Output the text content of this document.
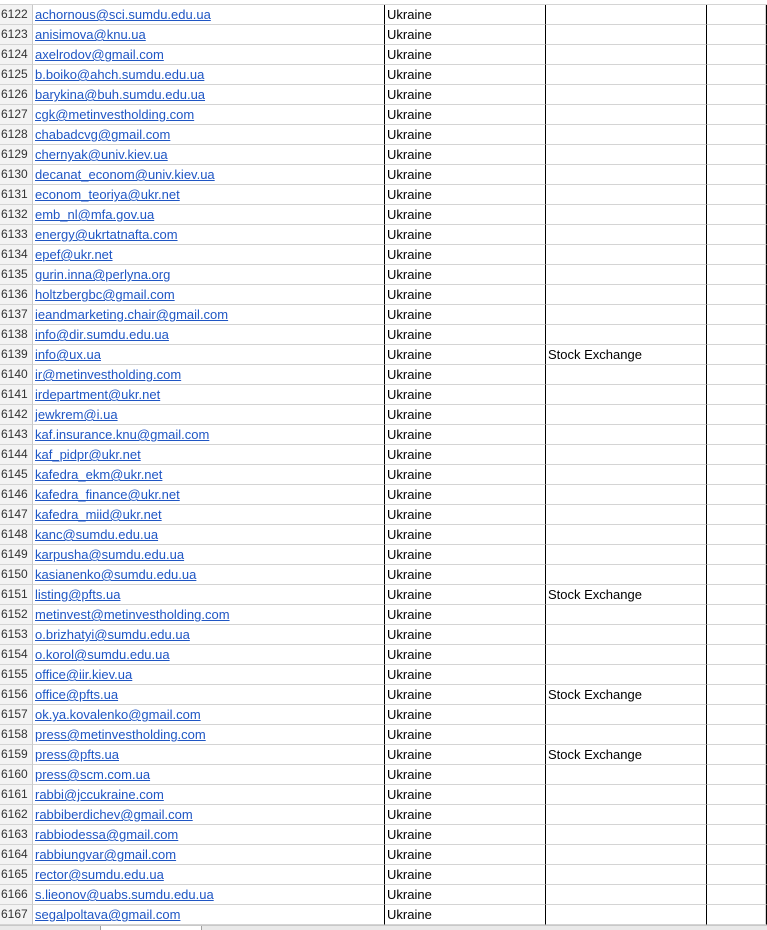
6122 achornous@sci.sumdu.edu.ua	Ukraine
6123 anisimova@knu.ua	Ukraine
6124 axelrodov@gmail.com	Ukraine
6125 b.boiko@ahch.sumdu.edu.ua	Ukraine
6126 barykina@buh.sumdu.edu.ua	Ukraine
6127 cgk@metinvestholding.com	Ukraine
6128 chabadcvg@gmail.com	Ukraine
6129 chernyak@univ.kiev.ua	Ukraine
6130 decanat_econom@univ.kiev.ua	Ukraine
6131 econom_teoriya@ukr.net	Ukraine
6132 emb_nl@mfa.gov.ua	Ukraine
6133 energy@ukrtatnafta.com	Ukraine
6134 epef@ukr.net	Ukraine
6135 gurin.inna@perlyna.org	Ukraine
6136 holtzbergbc@gmail.com	Ukraine
6137 ieandmarketing.chair@gmail.com	Ukraine
6138 info@dir.sumdu.edu.ua	Ukraine
6139 info@ux.ua	Ukraine	Stock Exchange
6140 ir@metinvestholding.com	Ukraine
6141 irdepartment@ukr.net	Ukraine
6142 jewkrem@i.ua	Ukraine
6143 kaf.insurance.knu@gmail.com	Ukraine
6144 kaf_pidpr@ukr.net	Ukraine
6145 kafedra_ekm@ukr.net	Ukraine
6146 kafedra_finance@ukr.net	Ukraine
6147 kafedra_miid@ukr.net	Ukraine
6148 kanc@sumdu.edu.ua	Ukraine
6149 karpusha@sumdu.edu.ua	Ukraine
6150 kasianenko@sumdu.edu.ua	Ukraine
6151 listing@pfts.ua	Ukraine	Stock Exchange
6152 metinvest@metinvestholding.com	Ukraine
6153 o.brizhatyi@sumdu.edu.ua	Ukraine
6154 o.korol@sumdu.edu.ua	Ukraine
6155 office@iir.kiev.ua	Ukraine
6156 office@pfts.ua	Ukraine	Stock Exchange
6157 ok.ya.kovalenko@gmail.com	Ukraine
6158 press@metinvestholding.com	Ukraine
6159 press@pfts.ua	Ukraine	Stock Exchange
6160 press@scm.com.ua	Ukraine
6161 rabbi@jccukraine.com	Ukraine
6162 rabbiberdichev@gmail.com	Ukraine
6163 rabbiodessa@gmail.com	Ukraine
6164 rabbiungvar@gmail.com	Ukraine
6165 rector@sumdu.edu.ua	Ukraine
6166 s.lieonov@uabs.sumdu.edu.ua	Ukraine
6167 segalpoltava@gmail.com	Ukraine
